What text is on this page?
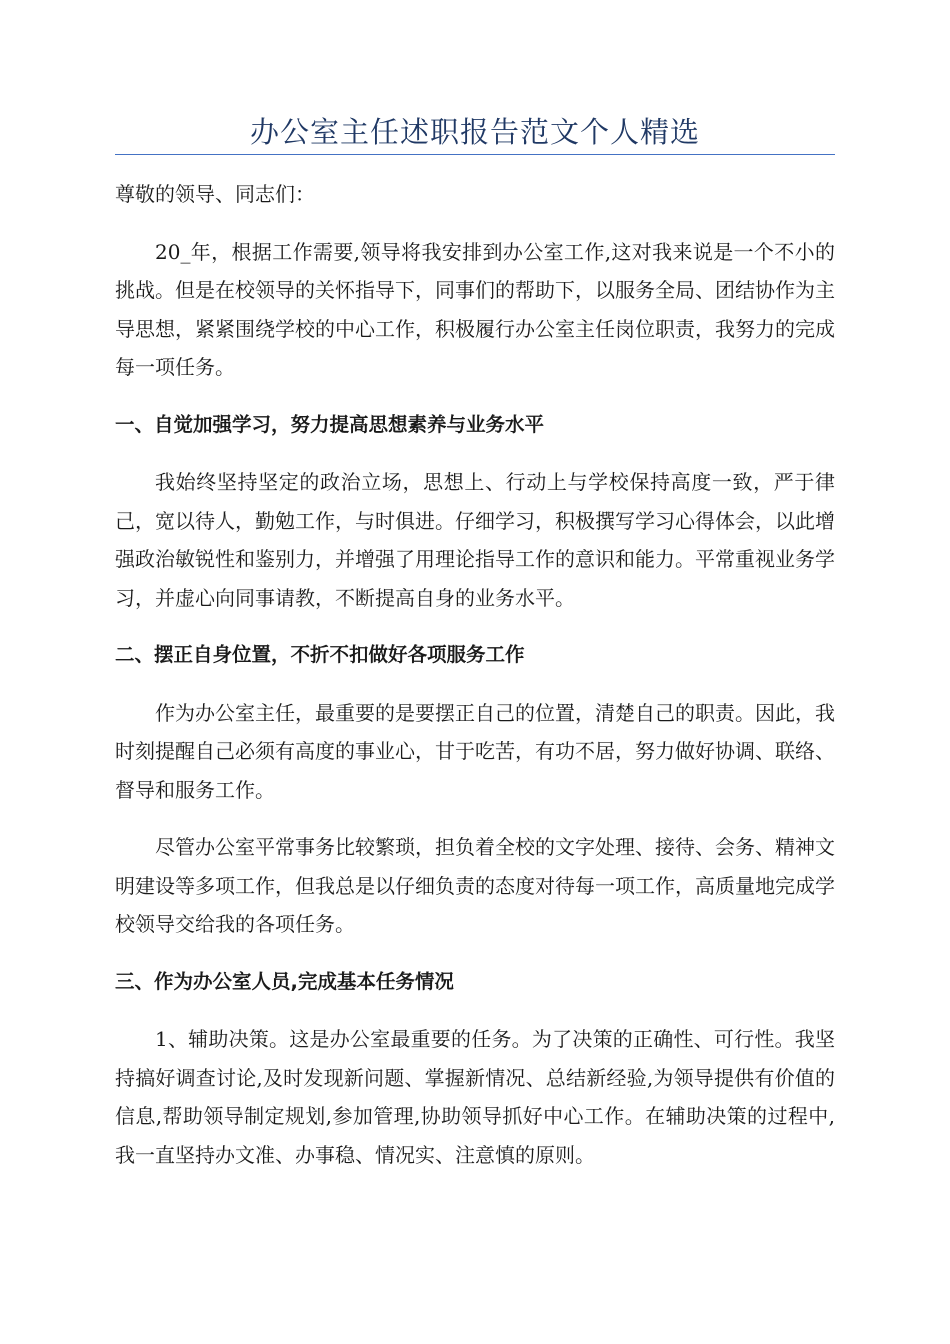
办公室主任述职报告范文个人精选

尊敬的领导、同志们：

20_年，根据工作需要,领导将我安排到办公室工作,这对我来说是一个不小的挑战。但是在校领导的关怀指导下，同事们的帮助下，以服务全局、团结协作为主导思想，紧紧围绕学校的中心工作，积极履行办公室主任岗位职责，我努力的完成每一项任务。

一、自觉加强学习，努力提高思想素养与业务水平

我始终坚持坚定的政治立场，思想上、行动上与学校保持高度一致，严于律己，宽以待人，勤勉工作，与时俱进。仔细学习，积极撰写学习心得体会，以此增强政治敏锐性和鉴别力，并增强了用理论指导工作的意识和能力。平常重视业务学习，并虚心向同事请教，不断提高自身的业务水平。

二、摆正自身位置，不折不扣做好各项服务工作

作为办公室主任，最重要的是要摆正自己的位置，清楚自己的职责。因此，我时刻提醒自己必须有高度的事业心，甘于吃苦，有功不居，努力做好协调、联络、督导和服务工作。

尽管办公室平常事务比较繁琐，担负着全校的文字处理、接待、会务、精神文明建设等多项工作，但我总是以仔细负责的态度对待每一项工作，高质量地完成学校领导交给我的各项任务。

三、作为办公室人员,完成基本任务情况

1、辅助决策。这是办公室最重要的任务。为了决策的正确性、可行性。我坚持搞好调查讨论,及时发现新问题、掌握新情况、总结新经验,为领导提供有价值的信息,帮助领导制定规划,参加管理,协助领导抓好中心工作。在辅助决策的过程中,我一直坚持办文准、办事稳、情况实、注意慎的原则。
